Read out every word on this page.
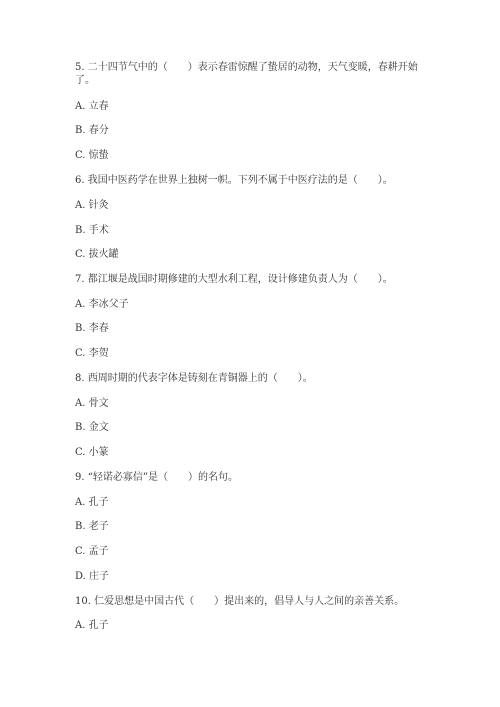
5. 二十四节气中的（　　）表示春雷惊醒了蛰居的动物，天气变暖，春耕开始了。
A. 立春
B. 春分
C. 惊蛰
6. 我国中医药学在世界上独树一帜。下列不属于中医疗法的是（　　）。
A. 针灸
B. 手术
C. 拔火罐
7. 都江堰是战国时期修建的大型水利工程，设计修建负责人为（　　）。
A. 李冰父子
B. 李春
C. 李贺
8. 西周时期的代表字体是铸刻在青铜器上的（　　）。
A. 骨文
B. 金文
C. 小篆
9. “轻诺必寡信”是（　　）的名句。
A. 孔子
B. 老子
C. 孟子
D. 庄子
10. 仁爱思想是中国古代（　　）提出来的，倡导人与人之间的亲善关系。
A. 孔子
